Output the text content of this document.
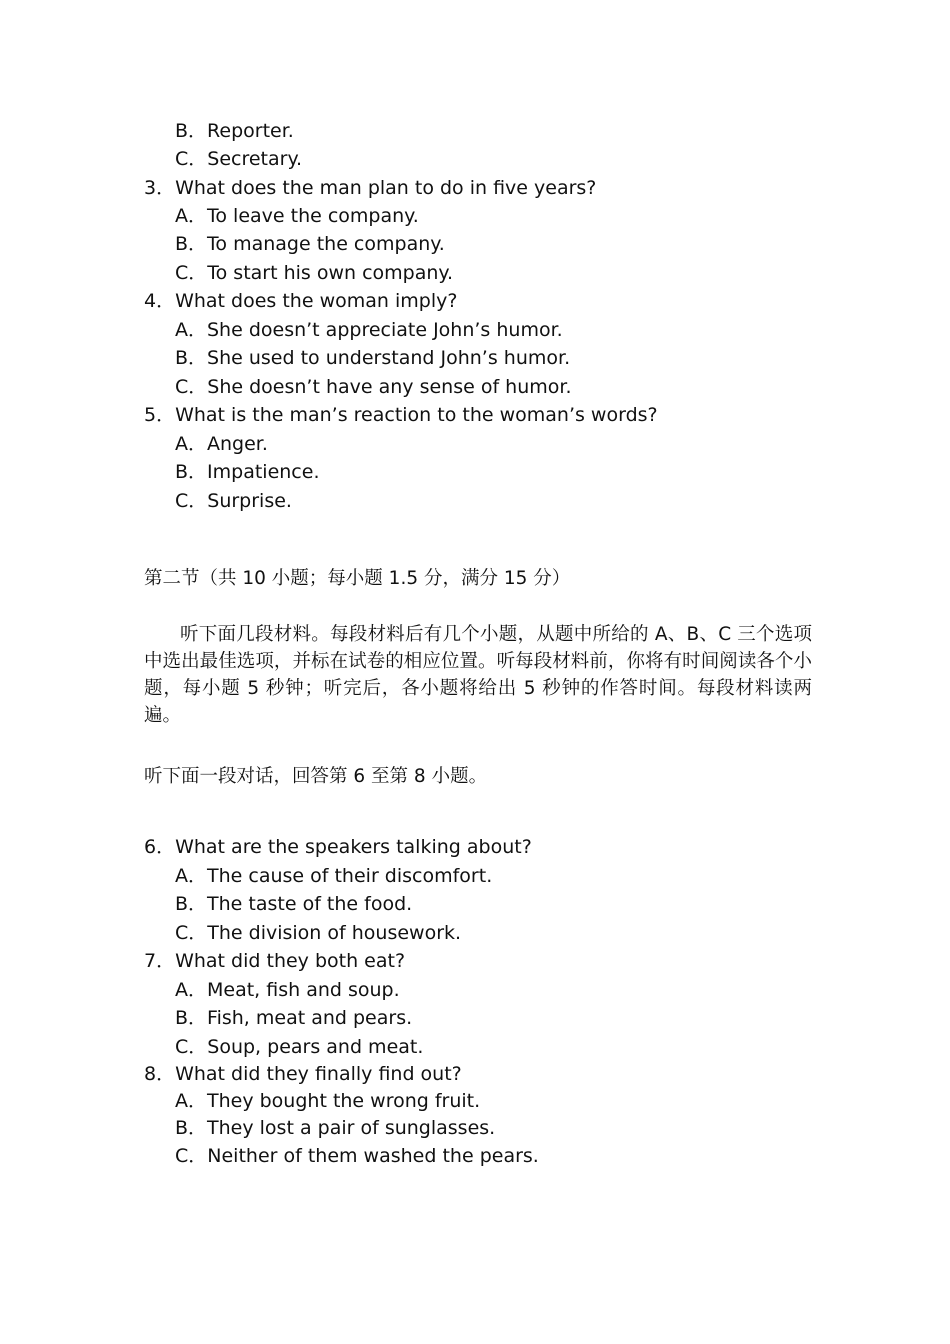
B．Reporter.
C．Secretary.
3．What does the man plan to do in five years?
A．To leave the company.
B．To manage the company.
C．To start his own company.
4．What does the woman imply?
A．She doesn’t appreciate John’s humor.
B．She used to understand John’s humor.
C．She doesn’t have any sense of humor.
5．What is the man’s reaction to the woman’s words?
A．Anger.
B．Impatience.
C．Surprise.
第二节（共 10 小题；每小题 1.5 分，满分 15 分）
听下面几段材料。每段材料后有几个小题，从题中所给的 A、B、C 三个选项中选出最佳选项，并标在试卷的相应位置。听每段材料前，你将有时间阅读各个小题，每小题 5 秒钟；听完后，各小题将给出 5 秒钟的作答时间。每段材料读两遍。
听下面一段对话，回答第 6 至第 8 小题。
6．What are the speakers talking about?
A．The cause of their discomfort.
B．The taste of the food.
C．The division of housework.
7．What did they both eat?
A．Meat, fish and soup.
B．Fish, meat and pears.
C．Soup, pears and meat.
8．What did they finally find out?
A．They bought the wrong fruit.
B．They lost a pair of sunglasses.
C．Neither of them washed the pears.
